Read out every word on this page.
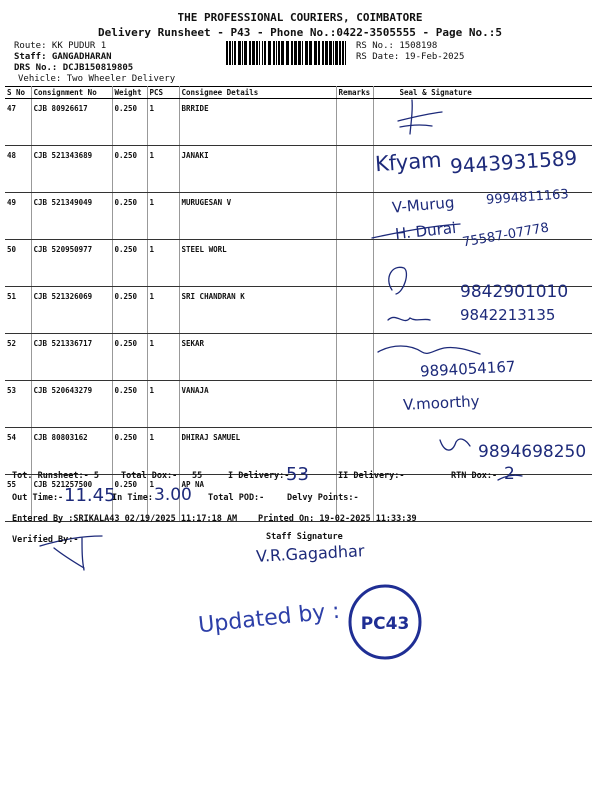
THE PROFESSIONAL COURIERS, COIMBATORE
Delivery Runsheet - P43 - Phone No.:0422-3505555 - Page No.:5
Route: KK PUDUR 1
Staff: GANGADHARAN
DRS No.: DCJB150819805
Vehicle: Two Wheeler Delivery
RS No.: 1508198
RS Date: 19-Feb-2025
S No	Consignment No	Weight	PCS	Consignee Details	Remarks	Seal & Signature
47	CJB 80926617	0.250	1	BRRIDE		
48	CJB 521343689	0.250	1	JANAKI		
49	CJB 521349049	0.250	1	MURUGESAN V		
50	CJB 520950977	0.250	1	STEEL WORL		
51	CJB 521326069	0.250	1	SRI CHANDRAN K		
52	CJB 521336717	0.250	1	SEKAR		
53	CJB 520643279	0.250	1	VANAJA		
54	CJB 80803162	0.250	1	DHIRAJ SAMUEL		
55	CJB 521257500	0.250	1	AP NA		
Kfyam 9443931589
V-Murug 9994811163
H. Durai 75587-07778
9842901010
9842213135
9894054167
V.moorthy
9894698250
Tot. Runsheet:- 5	Total Dox:- 55	I Delivery:-
53	II Delivery:-	RTN Dox:- 2
Out Time:- 11.45
In Time: 3.00 Total POD:-	Delvy Points:-
Entered By :SRIKALA43 02/19/2025 11:17:18 AM Printed On: 19-02-2025 11:33:39
Verified By:-	Staff Signature
V.R.Gagadhar
Updated by : PC43
